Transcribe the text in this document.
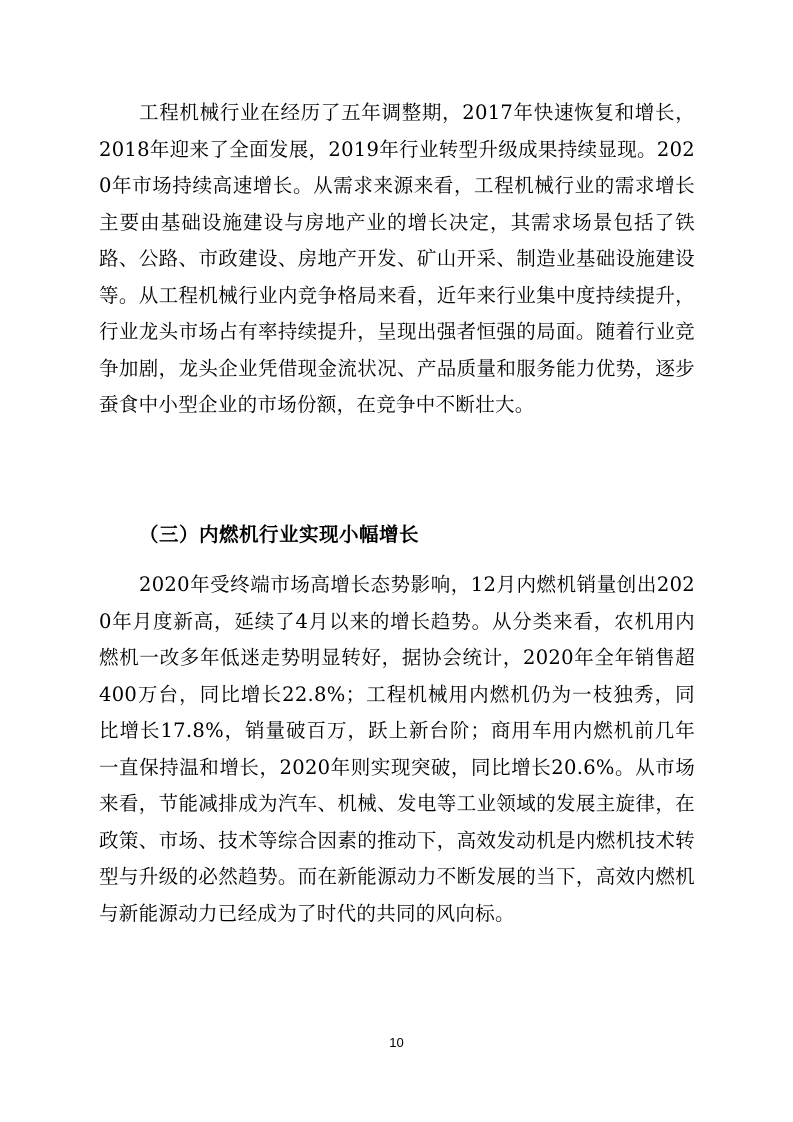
工程机械行业在经历了五年调整期，2017年快速恢复和增长，2018年迎来了全面发展，2019年行业转型升级成果持续显现。2020年市场持续高速增长。从需求来源来看，工程机械行业的需求增长主要由基础设施建设与房地产业的增长决定，其需求场景包括了铁路、公路、市政建设、房地产开发、矿山开采、制造业基础设施建设等。从工程机械行业内竞争格局来看，近年来行业集中度持续提升，行业龙头市场占有率持续提升，呈现出强者恒强的局面。随着行业竞争加剧，龙头企业凭借现金流状况、产品质量和服务能力优势，逐步蚕食中小型企业的市场份额，在竞争中不断壮大。

（三）内燃机行业实现小幅增长

2020年受终端市场高增长态势影响，12月内燃机销量创出2020年月度新高，延续了4月以来的增长趋势。从分类来看，农机用内燃机一改多年低迷走势明显转好，据协会统计，2020年全年销售超400万台，同比增长22.8%；工程机械用内燃机仍为一枝独秀，同比增长17.8%，销量破百万，跃上新台阶；商用车用内燃机前几年一直保持温和增长，2020年则实现突破，同比增长20.6%。从市场来看，节能减排成为汽车、机械、发电等工业领域的发展主旋律，在政策、市场、技术等综合因素的推动下，高效发动机是内燃机技术转型与升级的必然趋势。而在新能源动力不断发展的当下，高效内燃机与新能源动力已经成为了时代的共同的风向标。

10
